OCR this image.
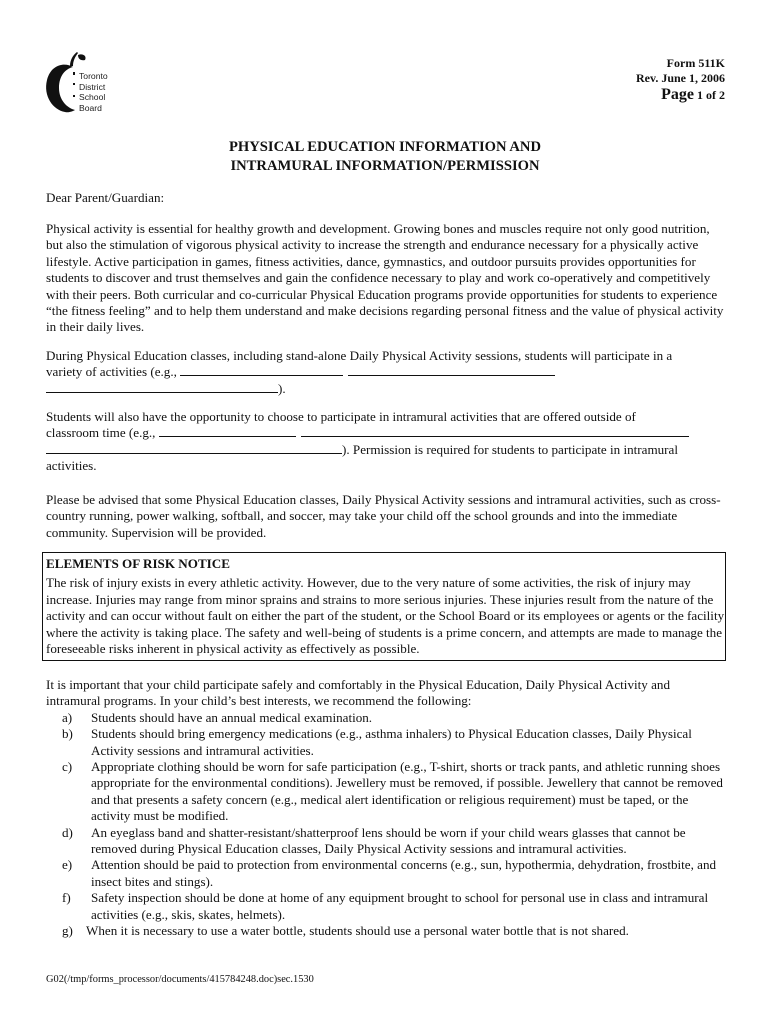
Toronto
District
School
Board
Form 511K
Rev. June 1, 2006
Page 1 of 2
PHYSICAL EDUCATION INFORMATION AND
INTRAMURAL INFORMATION/PERMISSION
Dear Parent/Guardian:
Physical activity is essential for healthy growth and development. Growing bones and muscles require not only good nutrition, but also the stimulation of vigorous physical activity to increase the strength and endurance necessary for a physically active lifestyle. Active participation in games, fitness activities, dance, gymnastics, and outdoor pursuits provides opportunities for students to discover and trust themselves and gain the confidence necessary to play and work co-operatively and competitively with their peers. Both curricular and co-curricular Physical Education programs provide opportunities for students to experience “the fitness feeling” and to help them understand and make decisions regarding personal fitness and the value of physical activity in their daily lives.
During Physical Education classes, including stand-alone Daily Physical Activity sessions, students will participate in a
variety of activities (e.g.,
).
Students will also have the opportunity to choose to participate in intramural activities that are offered outside of
classroom time (e.g.,
). Permission is required for students to participate in intramural
activities.
Please be advised that some Physical Education classes, Daily Physical Activity sessions and intramural activities, such as cross-country running, power walking, softball, and soccer, may take your child off the school grounds and into the immediate community. Supervision will be provided.
ELEMENTS OF RISK NOTICE
The risk of injury exists in every athletic activity. However, due to the very nature of some activities, the risk of injury may increase. Injuries may range from minor sprains and strains to more serious injuries. These injuries result from the nature of the activity and can occur without fault on either the part of the student, or the School Board or its employees or agents or the facility where the activity is taking place. The safety and well-being of students is a prime concern, and attempts are made to manage the foreseeable risks inherent in physical activity as effectively as possible.
It is important that your child participate safely and comfortably in the Physical Education, Daily Physical Activity and intramural programs. In your child’s best interests, we recommend the following:
a) Students should have an annual medical examination.
b) Students should bring emergency medications (e.g., asthma inhalers) to Physical Education classes, Daily Physical Activity sessions and intramural activities.
c) Appropriate clothing should be worn for safe participation (e.g., T-shirt, shorts or track pants, and athletic running shoes appropriate for the environmental conditions). Jewellery must be removed, if possible. Jewellery that cannot be removed and that presents a safety concern (e.g., medical alert identification or religious requirement) must be taped, or the activity must be modified.
d) An eyeglass band and shatter-resistant/shatterproof lens should be worn if your child wears glasses that cannot be removed during Physical Education classes, Daily Physical Activity sessions and intramural activities.
e) Attention should be paid to protection from environmental concerns (e.g., sun, hypothermia, dehydration, frostbite, and insect bites and stings).
f) Safety inspection should be done at home of any equipment brought to school for personal use in class and intramural activities (e.g., skis, skates, helmets).
g) When it is necessary to use a water bottle, students should use a personal water bottle that is not shared.
G02(/tmp/forms_processor/documents/415784248.doc)sec.1530
